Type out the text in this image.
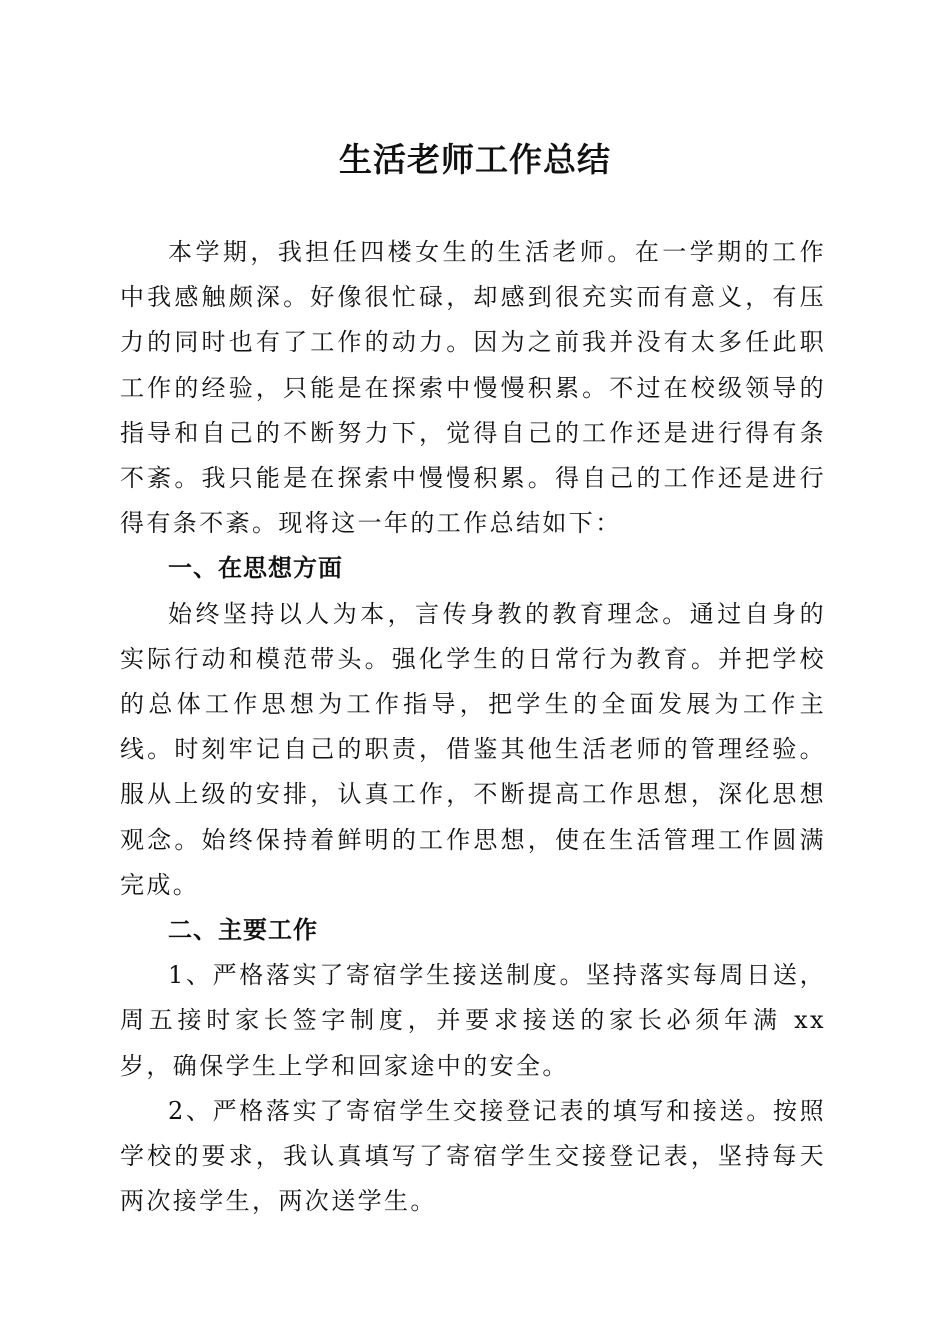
生活老师工作总结

本学期，我担任四楼女生的生活老师。在一学期的工作中我感触颇深。好像很忙碌，却感到很充实而有意义，有压力的同时也有了工作的动力。因为之前我并没有太多任此职工作的经验，只能是在探索中慢慢积累。不过在校级领导的指导和自己的不断努力下，觉得自己的工作还是进行得有条不紊。我只能是在探索中慢慢积累。得自己的工作还是进行得有条不紊。现将这一年的工作总结如下：

一、在思想方面

始终坚持以人为本，言传身教的教育理念。通过自身的实际行动和模范带头。强化学生的日常行为教育。并把学校的总体工作思想为工作指导，把学生的全面发展为工作主线。时刻牢记自己的职责，借鉴其他生活老师的管理经验。服从上级的安排，认真工作，不断提高工作思想，深化思想观念。始终保持着鲜明的工作思想，使在生活管理工作圆满完成。

二、主要工作

1、严格落实了寄宿学生接送制度。坚持落实每周日送，周五接时家长签字制度，并要求接送的家长必须年满 xx 岁，确保学生上学和回家途中的安全。

2、严格落实了寄宿学生交接登记表的填写和接送。按照学校的要求，我认真填写了寄宿学生交接登记表，坚持每天两次接学生，两次送学生。
